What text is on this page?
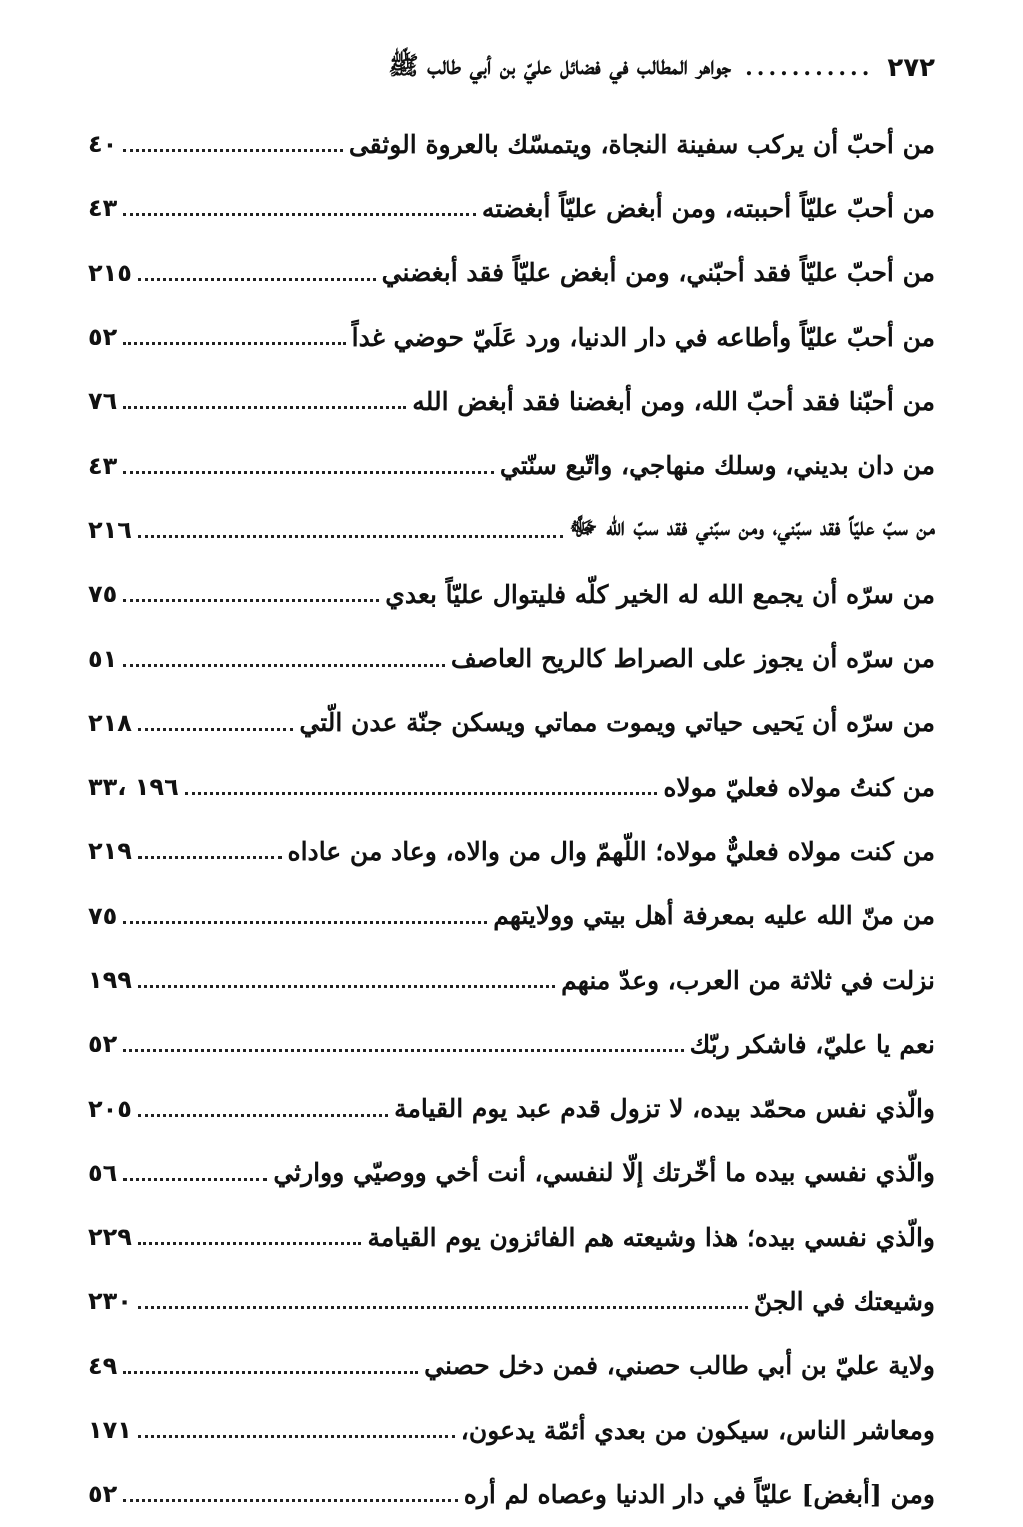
٢٧٢
...........
جواهر المطالب في فضائل عليّ بن أبي طالب ﷺ
من أحبّ أن يركب سفينة النجاة، ويتمسّك بالعروة الوثقى
٤٠
من أحبّ عليّاً أحببته، ومن أبغض عليّاً أبغضته
٤٣
من أحبّ عليّاً فقد أحبّني، ومن أبغض عليّاً فقد أبغضني
٢١٥
من أحبّ عليّاً وأطاعه في دار الدنيا، ورد عَلَيّ حوضي غداً
٥٢
من أحبّنا فقد أحبّ الله، ومن أبغضنا فقد أبغض الله
٧٦
من دان بديني، وسلك منهاجي، واتّبع سنّتي
٤٣
من سبّ عليّاً فقد سبّني، ومن سبّني فقد سبّ الله ﷻ
٢١٦
من سرّه أن يجمع الله له الخير كلّه فليتوال عليّاً بعدي
٧٥
من سرّه أن يجوز على الصراط كالريح العاصف
٥١
من سرّه أن يَحيى حياتي ويموت مماتي ويسكن جنّة عدن الّتي
٢١٨
من كنتُ مولاه فعليّ مولاه
١٩٦ ،٣٣
من كنت مولاه فعليٌّ مولاه؛ اللّهمّ وال من والاه، وعاد من عاداه
٢١٩
من منّ الله عليه بمعرفة أهل بيتي وولايتهم
٧٥
نزلت في ثلاثة من العرب، وعدّ منهم
١٩٩
نعم يا عليّ، فاشكر ربّك
٥٢
والّذي نفس محمّد بيده، لا تزول قدم عبد يوم القيامة
٢٠٥
والّذي نفسي بيده ما أخّرتك إلّا لنفسي، أنت أخي ووصيّي ووارثي
٥٦
والّذي نفسي بيده؛ هذا وشيعته هم الفائزون يوم القيامة
٢٢٩
وشيعتك في الجنّ
٢٣٠
ولاية عليّ بن أبي طالب حصني، فمن دخل حصني
٤٩
ومعاشر الناس، سيكون من بعدي أئمّة يدعون،
١٧١
ومن [أبغض] عليّاً في دار الدنيا وعصاه لم أره
٥٢
